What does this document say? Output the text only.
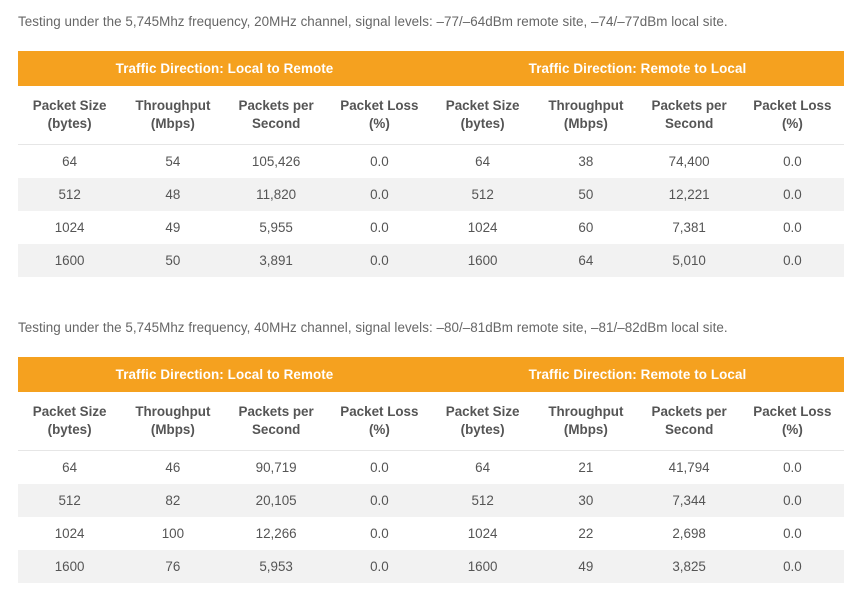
Testing under the 5,745Mhz frequency, 20MHz channel, signal levels: –77/–64dBm remote site, –74/–77dBm local site.
Traffic Direction: Local to Remote				Traffic Direction: Remote to Local			

Packet Size
(bytes)	Throughput
(Mbps)	Packets per
Second	Packet Loss
(%)	Packet Size
(bytes)	Throughput
(Mbps)	Packets per
Second	Packet Loss
(%)

64	54	105,426	0.0	64	38	74,400	0.0
512	48	11,820	0.0	512	50	12,221	0.0
1024	49	5,955	0.0	1024	60	7,381	0.0
1600	50	3,891	0.0	1600	64	5,010	0.0
Testing under the 5,745Mhz frequency, 40MHz channel, signal levels: –80/–81dBm remote site, –81/–82dBm local site.
Traffic Direction: Local to Remote				Traffic Direction: Remote to Local			

Packet Size
(bytes)	Throughput
(Mbps)	Packets per
Second	Packet Loss
(%)	Packet Size
(bytes)	Throughput
(Mbps)	Packets per
Second	Packet Loss
(%)

64	46	90,719	0.0	64	21	41,794	0.0
512	82	20,105	0.0	512	30	7,344	0.0
1024	100	12,266	0.0	1024	22	2,698	0.0
1600	76	5,953	0.0	1600	49	3,825	0.0
